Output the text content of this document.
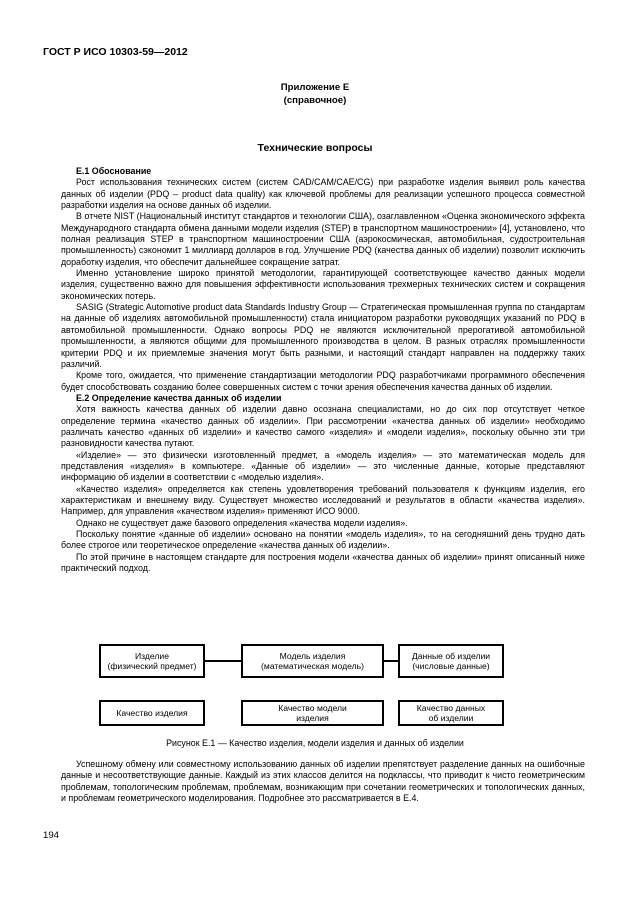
ГОСТ Р ИСО 10303-59—2012
Приложение E
(справочное)
Технические вопросы

E.1 Обоснование

Рост использования технических систем (систем CAD/CAM/CAE/CG) при разработке изделия выявил роль качества данных об изделии (PDQ – product data quality) как ключевой проблемы для реализации успешного процесса совместной разработки изделия на основе данных об изделии.

В отчете NIST (Национальный институт стандартов и технологии США), озаглавленном «Оценка экономического эффекта Международного стандарта обмена данными модели изделия (STEP) в транспортном машиностроении» [4], установлено, что полная реализация STEP в транспортном машиностроении США (аэрокосмическая, автомобильная, судостроительная промышленность) сэкономит 1 миллиард долларов в год. Улучшение PDQ (качества данных об изделии) позволит исключить доработку изделия, что обеспечит дальнейшее сокращение затрат.

Именно установление широко принятой методологии, гарантирующей соответствующее качество данных модели изделия, существенно важно для повышения эффективности использования трехмерных технических систем и сокращения экономических потерь.

SASIG (Strategic Automotive product data Standards Industry Group — Стратегическая промышленная группа по стандартам на данные об изделиях автомобильной промышленности) стала инициатором разработки руководящих указаний по PDQ в автомобильной промышленности. Однако вопросы PDQ не являются исключительной прерогативой автомобильной промышленности, а являются общими для промышленного производства в целом. В разных отраслях промышленности критерии PDQ и их приемлемые значения могут быть разными, и настоящий стандарт направлен на поддержку таких различий.

Кроме того, ожидается, что применение стандартизации методологии PDQ разработчиками программного обеспечения будет способствовать созданию более совершенных систем с точки зрения обеспечения качества данных об изделии.

E.2 Определение качества данных об изделии

Хотя важность качества данных об изделии давно осознана специалистами, но до сих пор отсутствует четкое определение термина «качество данных об изделии». При рассмотрении «качества данных об изделии» необходимо различать качество «данных об изделии» и качество самого «изделия» и «модели изделия», поскольку обычно эти три разновидности качества путают.

«Изделие» — это физически изготовленный предмет, а «модель изделия» — это математическая модель для представления «изделия» в компьютере. «Данные об изделии» — это численные данные, которые представляют информацию об изделии в соответствии с «моделью изделия».

«Качество изделия» определяется как степень удовлетворения требований пользователя к функциям изделия, его характеристикам и внешнему виду. Существует множество исследований и результатов в области «качества изделия». Например, для управления «качеством изделия» применяют ИСО 9000.

Однако не существует даже базового определения «качества модели изделия».

Поскольку понятие «данные об изделии» основано на понятии «модель изделия», то на сегодняшний день трудно дать более строгое или теоретическое определение «качества данных об изделии».

По этой причине в настоящем стандарте для построения модели «качества данных об изделии» принят описанный ниже практический подход.

Изделие
(физический предмет)
Модель изделия
(математическая модель)
Данные об изделии
(числовые данные)
Качество изделия	Качество модели
изделия
Качество данных
об изделии
Рисунок E.1 — Качество изделия, модели изделия и данных об изделии

Успешному обмену или совместному использованию данных об изделии препятствует разделение данных на ошибочные данные и несоответствующие данные. Каждый из этих классов делится на подклассы, что приводит к чисто геометрическим проблемам, топологическим проблемам, проблемам, возникающим при сочетании геометрических и топологических данных, и проблемам геометрического моделирования. Подробнее это рассматривается в E.4.

194
